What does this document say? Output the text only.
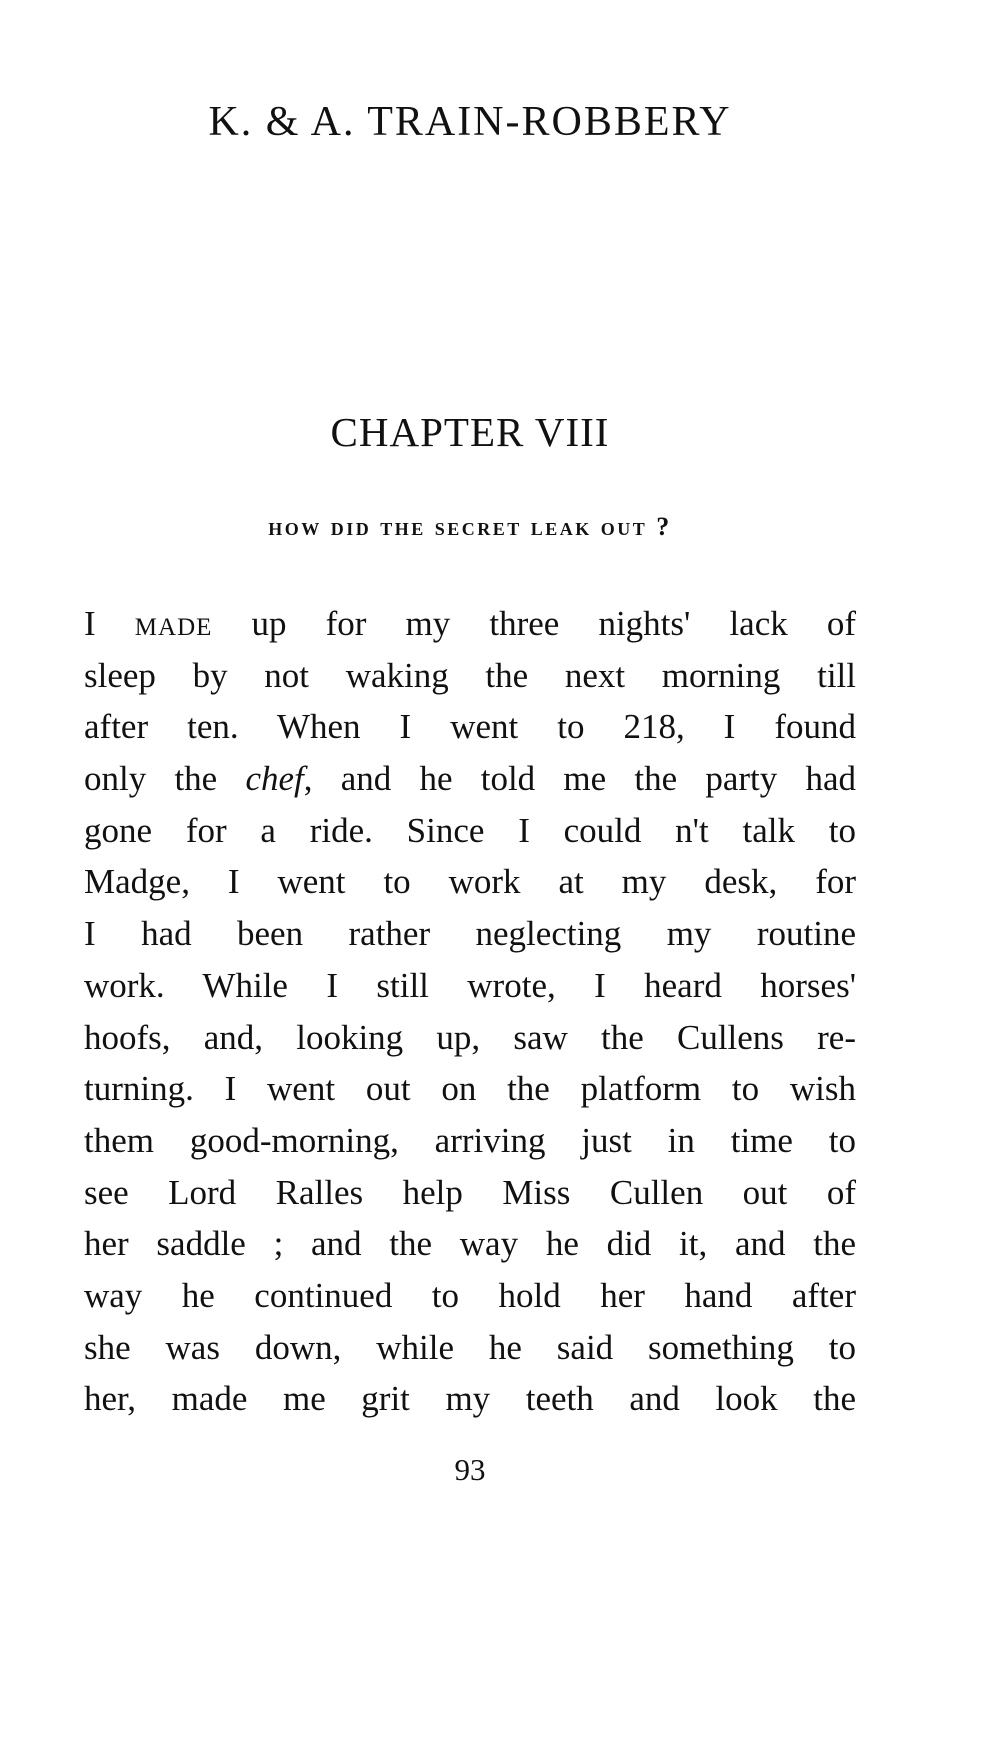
K. & A. TRAIN-ROBBERY
CHAPTER VIII
how did the secret leak out ?
I made up for my three nights' lack of
sleep by not waking the next morning till
after ten. When I went to 218, I found
only the chef, and he told me the party had
gone for a ride. Since I could n't talk to
Madge, I went to work at my desk, for
I had been rather neglecting my routine
work. While I still wrote, I heard horses'
hoofs, and, looking up, saw the Cullens re-
turning. I went out on the platform to wish
them good-morning, arriving just in time to
see Lord Ralles help Miss Cullen out of
her saddle ; and the way he did it, and the
way he continued to hold her hand after
she was down, while he said something to
her, made me grit my teeth and look the
93
